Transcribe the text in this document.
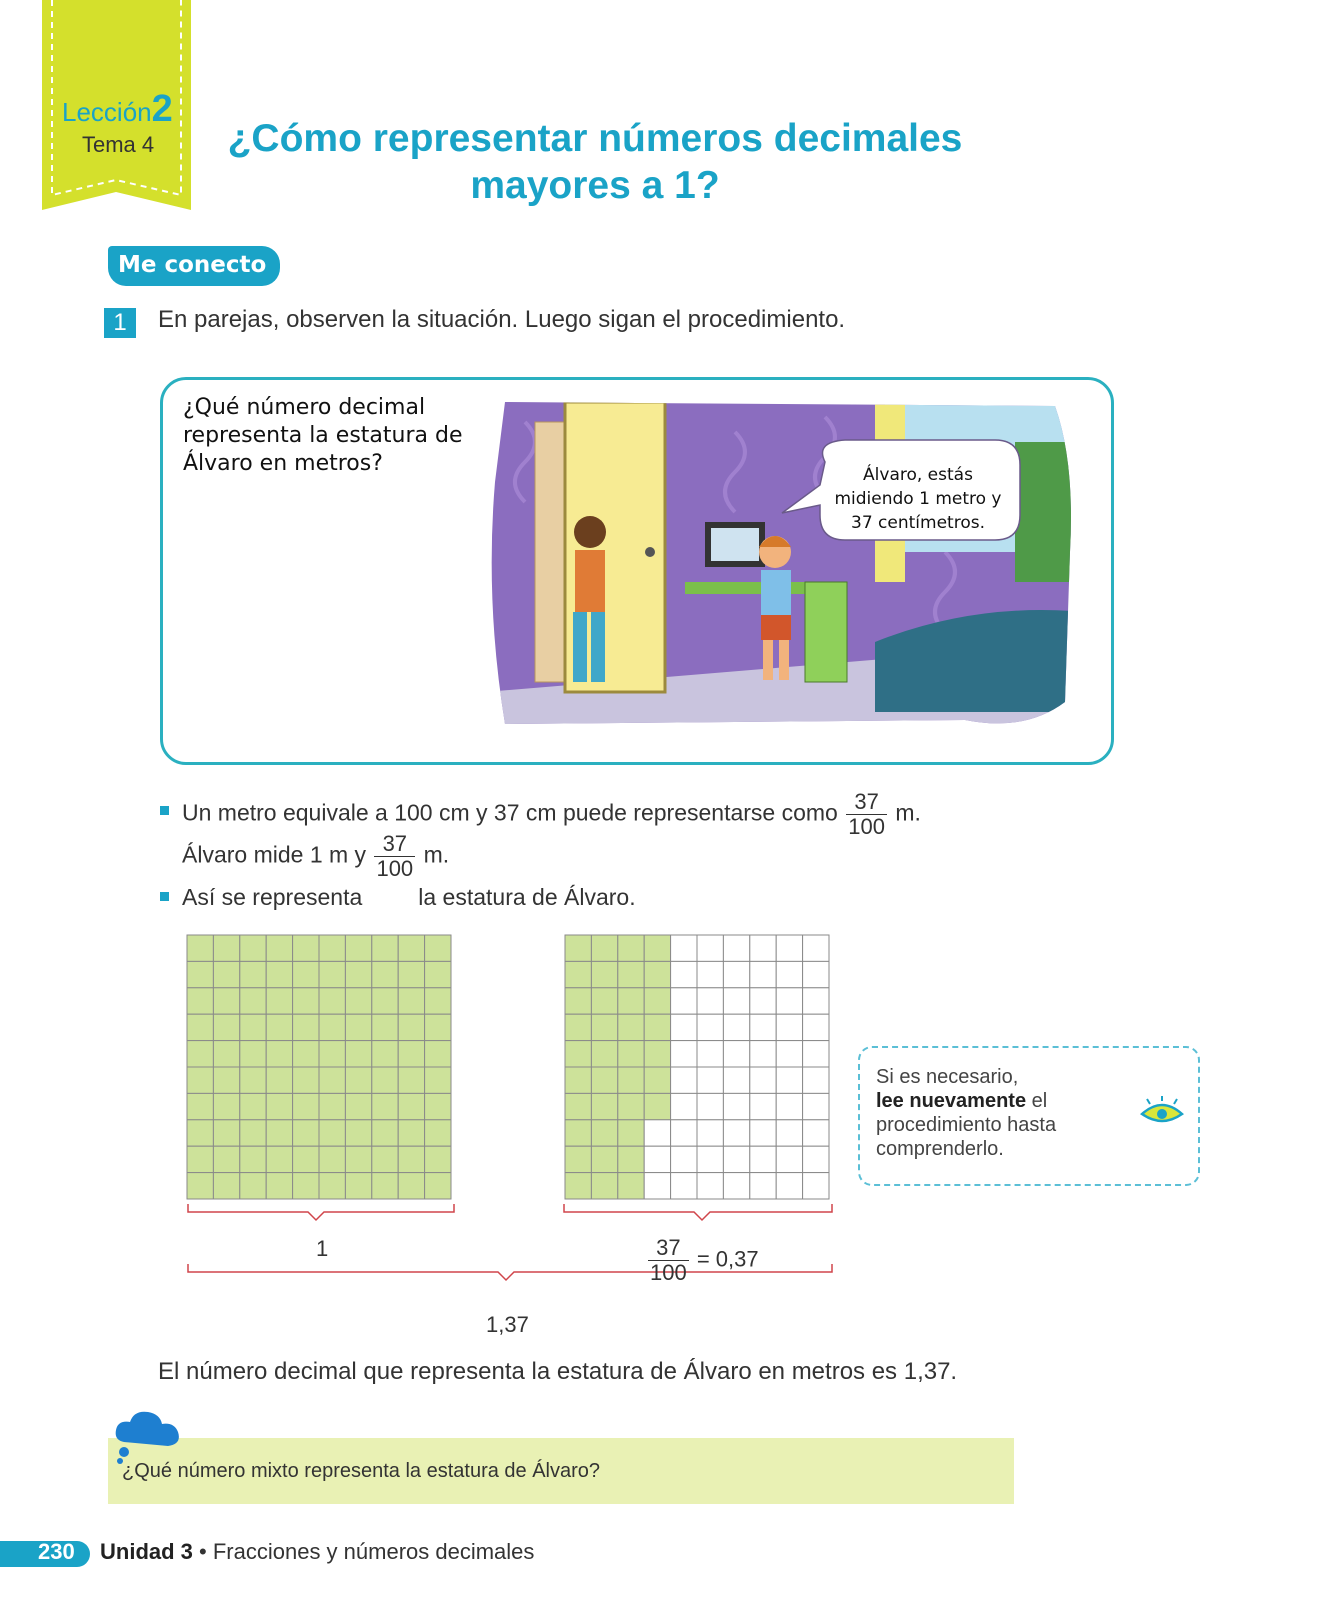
Lección2
Tema 4	¿Cómo representar números decimales
mayores a 1?
Me conecto
1	En parejas, observen la situación. Luego sigan el procedimiento.
¿Qué número decimal representa la estatura de Álvaro en metros?	Álvaro, estás
midiendo 1 metro y
37 centímetros.
Un metro equivale a 100 cm y 37 cm puede representarse como $\frac{37}{100} m$.
Álvaro mide 1 m y $\frac{37}{100} m$.
Así se representa la estatura de Álvaro.
1	$\frac{37}{100} = 0,37$
1,37
Si es necesario,
lee nuevamente el procedimiento hasta comprenderlo.
El número decimal que representa la estatura de Álvaro en metros es 1,37.
¿Qué número mixto representa la estatura de Álvaro?
230 Unidad 3 • Fracciones y números decimales
